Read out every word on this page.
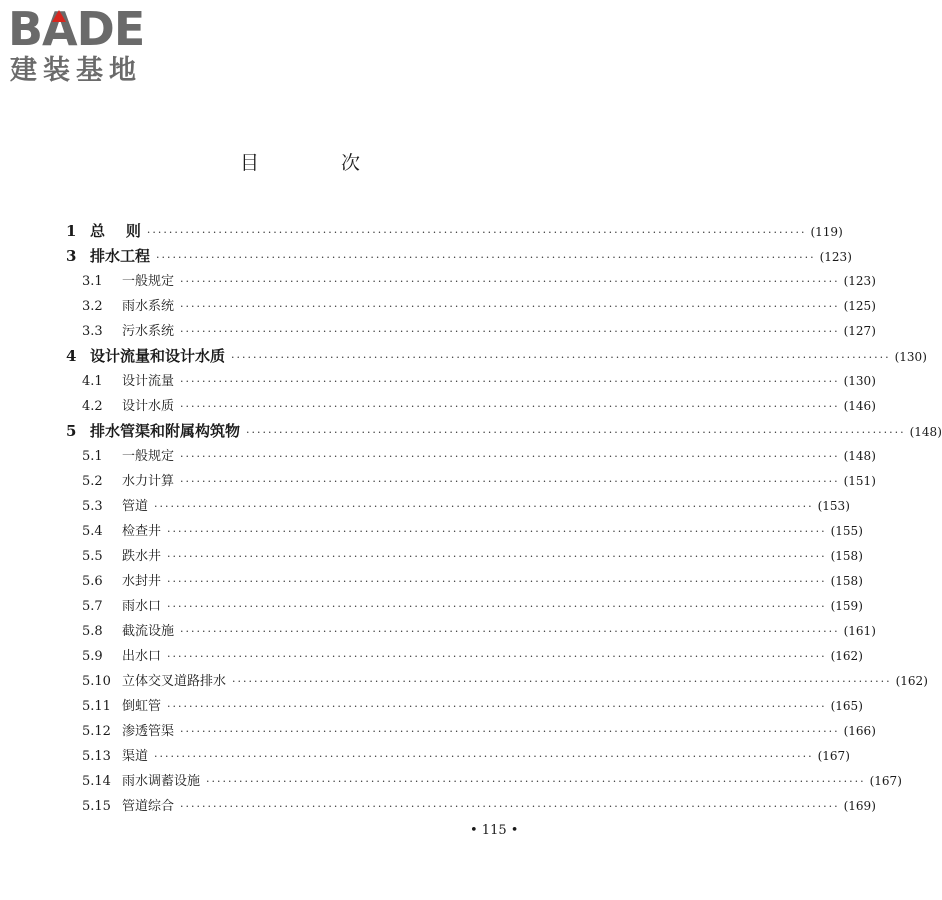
BADE
建装基地
目 次
1 总    则 ························································································································ (119)
3 排水工程 ························································································································ (123)
3.1	一般规定 ························································································································ (123)
3.2	雨水系统 ························································································································ (125)
3.3	污水系统 ························································································································ (127)
4 设计流量和设计水质 ························································································································ (130)
4.1	设计流量 ························································································································ (130)
4.2	设计水质 ························································································································ (146)
5 排水管渠和附属构筑物 ························································································································ (148)
5.1	一般规定 ························································································································ (148)
5.2	水力计算 ························································································································ (151)
5.3	管道 ························································································································ (153)
5.4	检查井 ························································································································ (155)
5.5	跌水井 ························································································································ (158)
5.6	水封井 ························································································································ (158)
5.7	雨水口 ························································································································ (159)
5.8	截流设施 ························································································································ (161)
5.9	出水口 ························································································································ (162)
5.10 立体交叉道路排水 ························································································································ (162)
5.11 倒虹管 ························································································································ (165)
5.12 渗透管渠 ························································································································ (166)
5.13 渠道 ························································································································ (167)
5.14 雨水调蓄设施 ························································································································ (167)
5.15 管道综合 ························································································································ (169)
• 115 •
